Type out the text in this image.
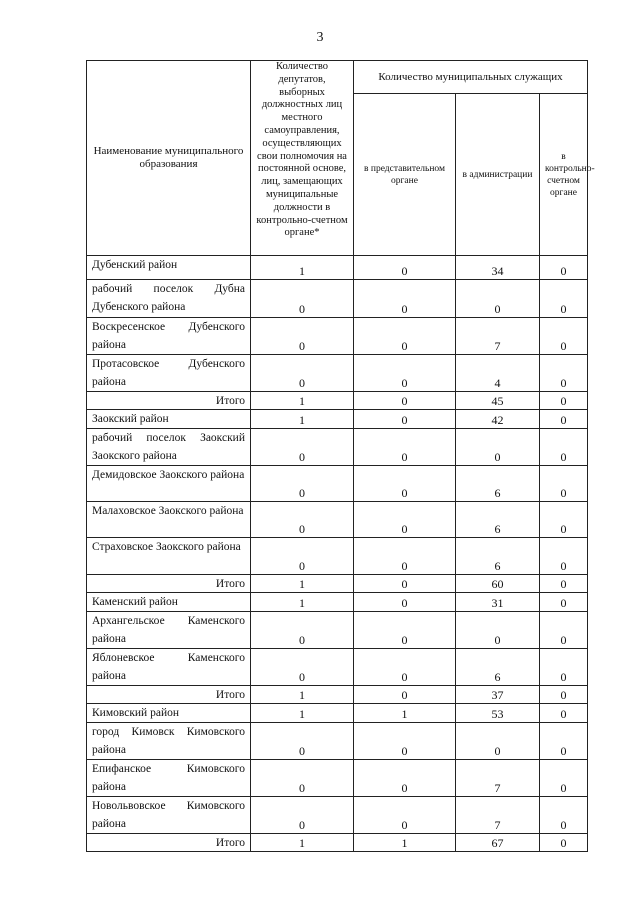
3
Наименование муниципального образования	Количество депутатов, выборных должностных лиц местного самоуправления, осуществляющих свои полномочия на постоянной основе, лиц, замещающих муниципальные должности в контрольно-счетном органе*	Количество муниципальных служащих		
		в представительном органе	в администрации	в контрольно-счетном органе
Дубенский район	1	0	34	0
рабочий поселок Дубна Дубенского района	0	0	0	0
Воскресенское Дубенского района	0	0	7	0
Протасовское Дубенского района	0	0	4	0
Итого	1	0	45	0
Заокский район	1	0	42	0
рабочий поселок Заокский Заокского района	0	0	0	0
Демидовское Заокского района	0	0	6	0
Малаховское Заокского района	0	0	6	0
Страховское Заокского района	0	0	6	0
Итого	1	0	60	0
Каменский район	1	0	31	0
Архангельское Каменского района	0	0	0	0
Яблоневское Каменского района	0	0	6	0
Итого	1	0	37	0
Кимовский район	1	1	53	0
город Кимовск Кимовского района	0	0	0	0
Епифанское Кимовского района	0	0	7	0
Новольвовское Кимовского района	0	0	7	0
Итого	1	1	67	0
